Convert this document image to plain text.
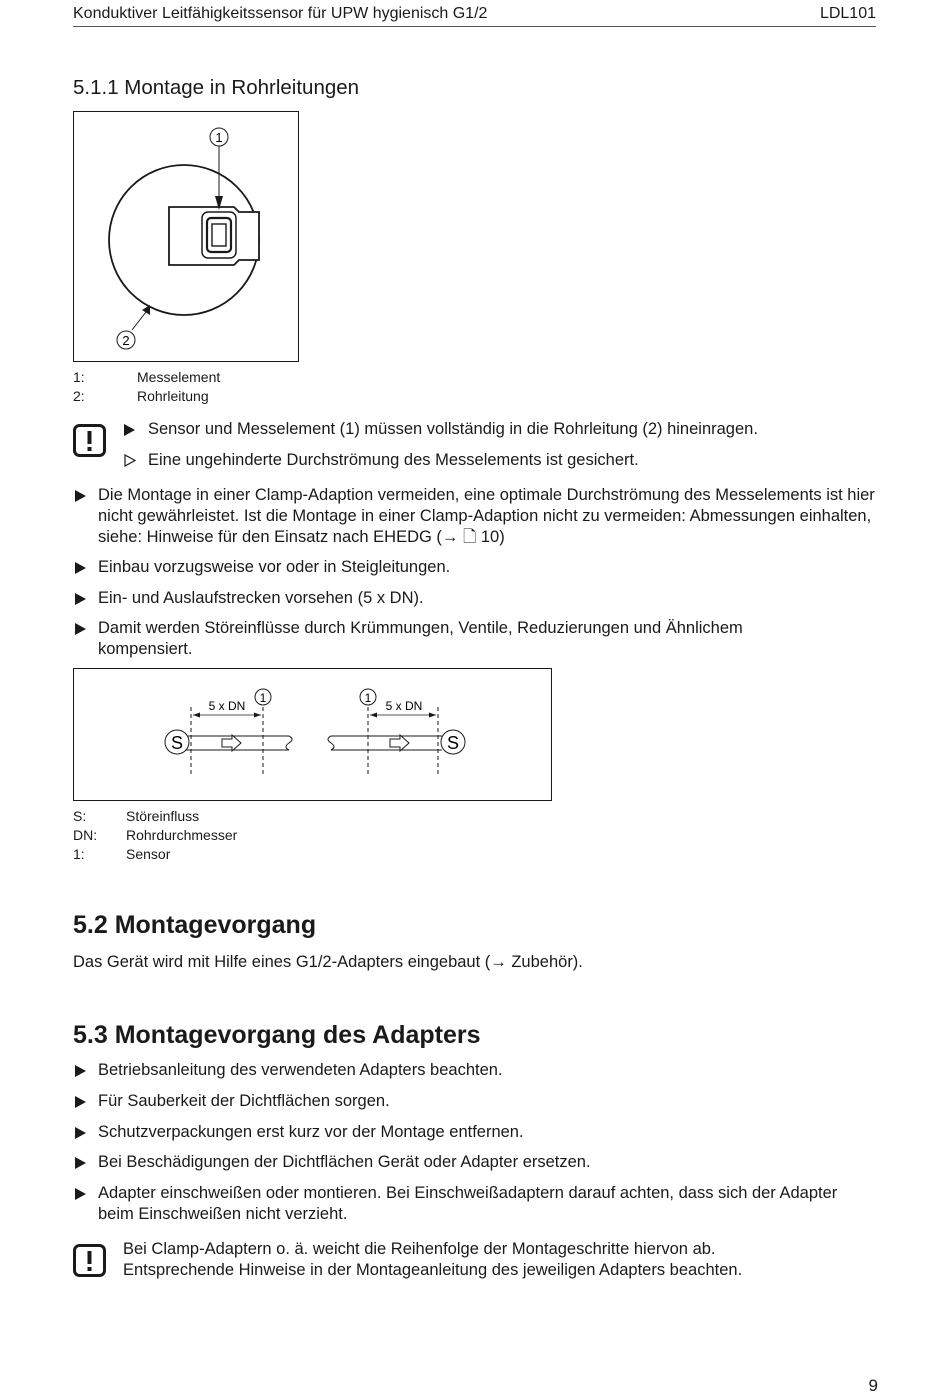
Konduktiver Leitfähigkeitssensor für UPW hygienisch G1/2	LDL101
5.1.1 Montage in Rohrleitungen
1
2
1:	Messelement
2:	Rohrleitung
Sensor und Messelement (1) müssen vollständig in die Rohrleitung (2) hineinragen.
Eine ungehinderte Durchströmung des Messelements ist gesichert.
Die Montage in einer Clamp-Adaption vermeiden, eine optimale Durchströmung des Messelements ist hier nicht gewährleistet. Ist die Montage in einer Clamp-Adaption nicht zu vermeiden: Abmessungen einhalten, siehe: Hinweise für den Einsatz nach EHEDG (→ 🗋 10)
Einbau vorzugsweise vor oder in Steigleitungen.
Ein- und Auslaufstrecken vorsehen (5 x DN).
Damit werden Störeinflüsse durch Krümmungen, Ventile, Reduzierungen und Ähnlichem kompensiert.
S
5 x DN
1
S
5 x DN
1
S:	Störeinfluss
DN: Rohrdurchmesser
1:	Sensor
5.2 Montagevorgang
Das Gerät wird mit Hilfe eines G1/2-Adapters eingebaut (→ Zubehör).
5.3 Montagevorgang des Adapters
Betriebsanleitung des verwendeten Adapters beachten.
Für Sauberkeit der Dichtflächen sorgen.
Schutzverpackungen erst kurz vor der Montage entfernen.
Bei Beschädigungen der Dichtflächen Gerät oder Adapter ersetzen.
Adapter einschweißen oder montieren. Bei Einschweißadaptern darauf achten, dass sich der Adapter beim Einschweißen nicht verzieht.
Bei Clamp-Adaptern o. ä. weicht die Reihenfolge der Montageschritte hiervon ab. Entsprechende Hinweise in der Montageanleitung des jeweiligen Adapters beachten.
9
